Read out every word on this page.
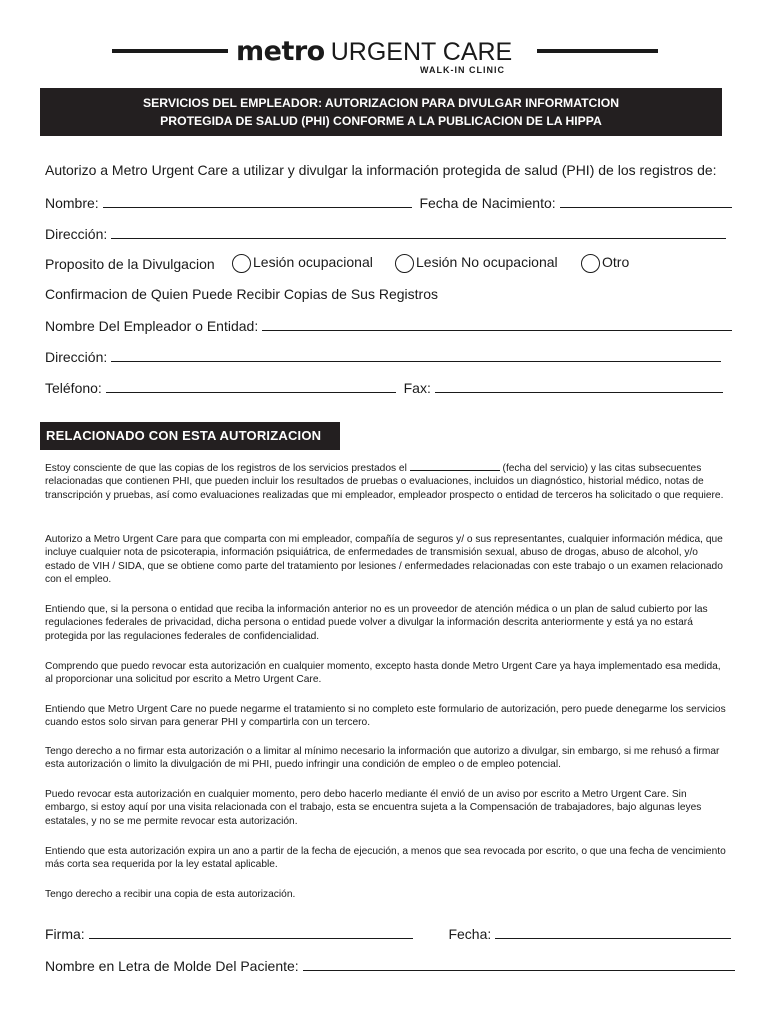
metro URGENT CARE
WALK-IN CLINIC
SERVICIOS DEL EMPLEADOR: AUTORIZACION PARA DIVULGAR INFORMATCION
PROTEGIDA DE SALUD (PHI) CONFORME A LA PUBLICACION DE LA HIPPA
Autorizo a Metro Urgent Care a utilizar y divulgar la información protegida de salud (PHI) de los registros de:
Nombre:	Fecha de Nacimiento:
Dirección:
Proposito de la Divulgacion	Lesión ocupacional	Lesión No ocupacional	Otro
Confirmacion de Quien Puede Recibir Copias de Sus Registros
Nombre Del Empleador o Entidad:
Dirección:
Teléfono:	Fax:
RELACIONADO CON ESTA AUTORIZACION
Estoy consciente de que las copias de los registros de los servicios prestados el	(fecha del servicio) y las citas subsecuentes relacionadas que contienen PHI, que pueden incluir los resultados de pruebas o evaluaciones, incluidos un diagnóstico, historial médico, notas de transcripción y pruebas, así como evaluaciones realizadas que mi empleador, empleador prospecto o entidad de terceros ha solicitado o que requiere.
Autorizo a Metro Urgent Care para que comparta con mi empleador, compañía de seguros y/ o sus representantes, cualquier información médica, que incluye cualquier nota de psicoterapia, información psiquiátrica, de enfermedades de transmisión sexual, abuso de drogas, abuso de alcohol, y/o estado de VIH / SIDA, que se obtiene como parte del tratamiento por lesiones / enfermedades relacionadas con este trabajo o un examen relacionado con el empleo.
Entiendo que, si la persona o entidad que reciba la información anterior no es un proveedor de atención médica o un plan de salud cubierto por las regulaciones federales de privacidad, dicha persona o entidad puede volver a divulgar la información descrita anteriormente y está ya no estará protegida por las regulaciones federales de confidencialidad.
Comprendo que puedo revocar esta autorización en cualquier momento, excepto hasta donde Metro Urgent Care ya haya implementado esa medida, al proporcionar una solicitud por escrito a Metro Urgent Care.
Entiendo que Metro Urgent Care no puede negarme el tratamiento si no completo este formulario de autorización, pero puede denegarme los servicios cuando estos solo sirvan para generar PHI y compartirla con un tercero.
Tengo derecho a no firmar esta autorización o a limitar al mínimo necesario la información que autorizo a divulgar, sin embargo, si me rehusó a firmar esta autorización o limito la divulgación de mi PHI, puedo infringir una condición de empleo o de empleo potencial.
Puedo revocar esta autorización en cualquier momento, pero debo hacerlo mediante él envió de un aviso por escrito a Metro Urgent Care. Sin embargo, si estoy aquí por una visita relacionada con el trabajo, esta se encuentra sujeta a la Compensación de trabajadores, bajo algunas leyes estatales, y no se me permite revocar esta autorización.
Entiendo que esta autorización expira un ano a partir de la fecha de ejecución, a menos que sea revocada por escrito, o que una fecha de vencimiento más corta sea requerida por la ley estatal aplicable.
Tengo derecho a recibir una copia de esta autorización.
Firma:	Fecha:
Nombre en Letra de Molde Del Paciente:
